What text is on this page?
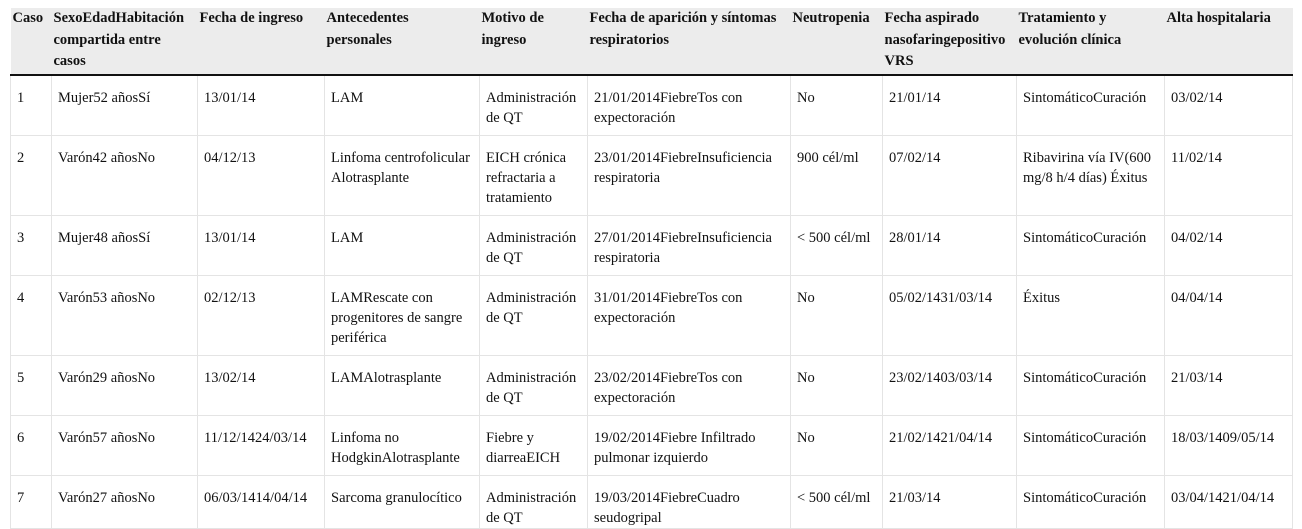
Caso	SexoEdadHabitación compartida entre casos	Fecha de ingreso	Antecedentes personales	Motivo de ingreso	Fecha de aparición y síntomas respiratorios	Neutropenia	Fecha aspirado nasofaringepositivo VRS	Tratamiento y evolución clínica	Alta hospitalaria
1	Mujer52 añosSí	13/01/14	LAM	Administración de QT	21/01/2014FiebreTos con expectoración	No	21/01/14	SintomáticoCuración	03/02/14
2	Varón42 añosNo	04/12/13	Linfoma centrofolicular Alotrasplante	EICH crónica refractaria a tratamiento	23/01/2014FiebreInsuficiencia respiratoria	900 cél/ml	07/02/14	Ribavirina vía IV(600 mg/8 h/4 días) Éxitus	11/02/14
3	Mujer48 añosSí	13/01/14	LAM	Administración de QT	27/01/2014FiebreInsuficiencia respiratoria	< 500 cél/ml	28/01/14	SintomáticoCuración	04/02/14
4	Varón53 añosNo	02/12/13	LAMRescate con progenitores de sangre periférica	Administración de QT	31/01/2014FiebreTos con expectoración	No	05/02/1431/03/14	Éxitus	04/04/14
5	Varón29 añosNo	13/02/14	LAMAlotrasplante	Administración de QT	23/02/2014FiebreTos con expectoración	No	23/02/1403/03/14	SintomáticoCuración	21/03/14
6	Varón57 añosNo	11/12/1424/03/14	Linfoma no HodgkinAlotrasplante	Fiebre y diarreaEICH	19/02/2014Fiebre Infiltrado pulmonar izquierdo	No	21/02/1421/04/14	SintomáticoCuración	18/03/1409/05/14
7	Varón27 añosNo	06/03/1414/04/14	Sarcoma granulocítico	Administración de QT	19/03/2014FiebreCuadro seudogripal	< 500 cél/ml	21/03/14	SintomáticoCuración	03/04/1421/04/14
